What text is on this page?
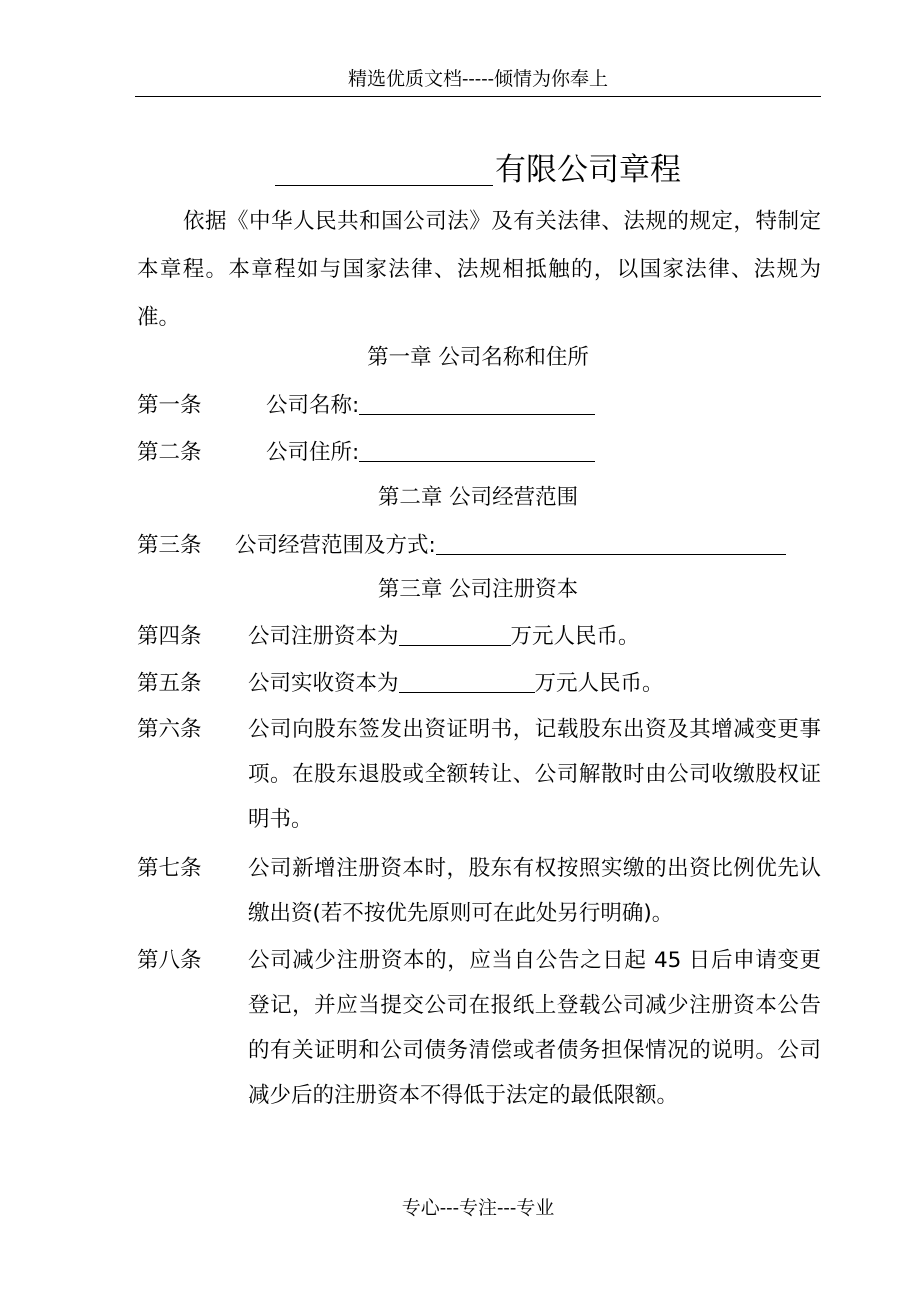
精选优质文档-----倾情为你奉上
有限公司章程
依据《中华人民共和国公司法》及有关法律、法规的规定，特制定本章程。本章程如与国家法律、法规相抵触的，以国家法律、法规为准。
第一章 公司名称和住所
第一条	公司名称:
第二条	公司住所:
第二章 公司经营范围
第三条 公司经营范围及方式:
第三章 公司注册资本
第四条 公司注册资本为	万元人民币。
第五条 公司实收资本为	万元人民币。
第六条 公司向股东签发出资证明书，记载股东出资及其增减变更事项。在股东退股或全额转让、公司解散时由公司收缴股权证明书。
第七条 公司新增注册资本时，股东有权按照实缴的出资比例优先认缴出资(若不按优先原则可在此处另行明确)。
第八条 公司减少注册资本的，应当自公告之日起 45 日后申请变更登记，并应当提交公司在报纸上登载公司减少注册资本公告的有关证明和公司债务清偿或者债务担保情况的说明。公司减少后的注册资本不得低于法定的最低限额。
专心---专注---专业
